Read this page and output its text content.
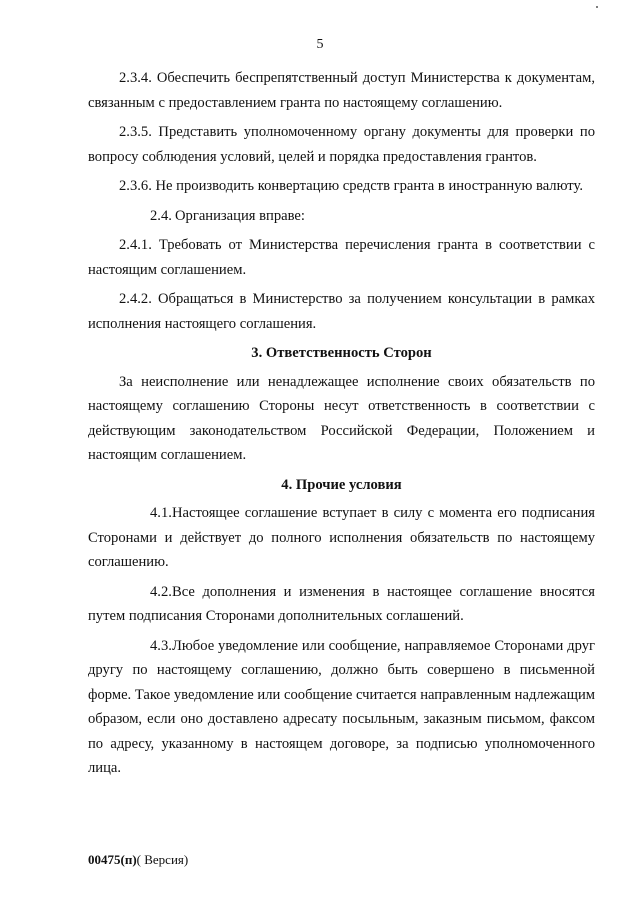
5

2.3.4. Обеспечить беспрепятственный доступ Министерства к документам, связанным с предоставлением гранта по настоящему соглашению.

2.3.5. Представить уполномоченному органу документы для проверки по вопросу соблюдения условий, целей и порядка предоставления грантов.

2.3.6. Не производить конвертацию средств гранта в иностранную валюту.

2.4. Организация вправе:

2.4.1. Требовать от Министерства перечисления гранта в соответствии с настоящим соглашением.

2.4.2. Обращаться в Министерство за получением консультации в рамках исполнения настоящего соглашения.

3. Ответственность Сторон

За неисполнение или ненадлежащее исполнение своих обязательств по настоящему соглашению Стороны несут ответственность в соответствии с действующим законодательством Российской Федерации, Положением и настоящим соглашением.

4. Прочие условия

4.1.Настоящее соглашение вступает в силу с момента его подписания Сторонами и действует до полного исполнения обязательств по настоящему соглашению.

4.2.Все дополнения и изменения в настоящее соглашение вносятся путем подписания Сторонами дополнительных соглашений.

4.3.Любое уведомление или сообщение, направляемое Сторонами друг другу по настоящему соглашению, должно быть совершено в письменной форме. Такое уведомление или сообщение считается направленным надлежащим образом, если оно доставлено адресату посыльным, заказным письмом, факсом по адресу, указанному в настоящем договоре, за подписью уполномоченного лица.

00475(п)( Версия)
